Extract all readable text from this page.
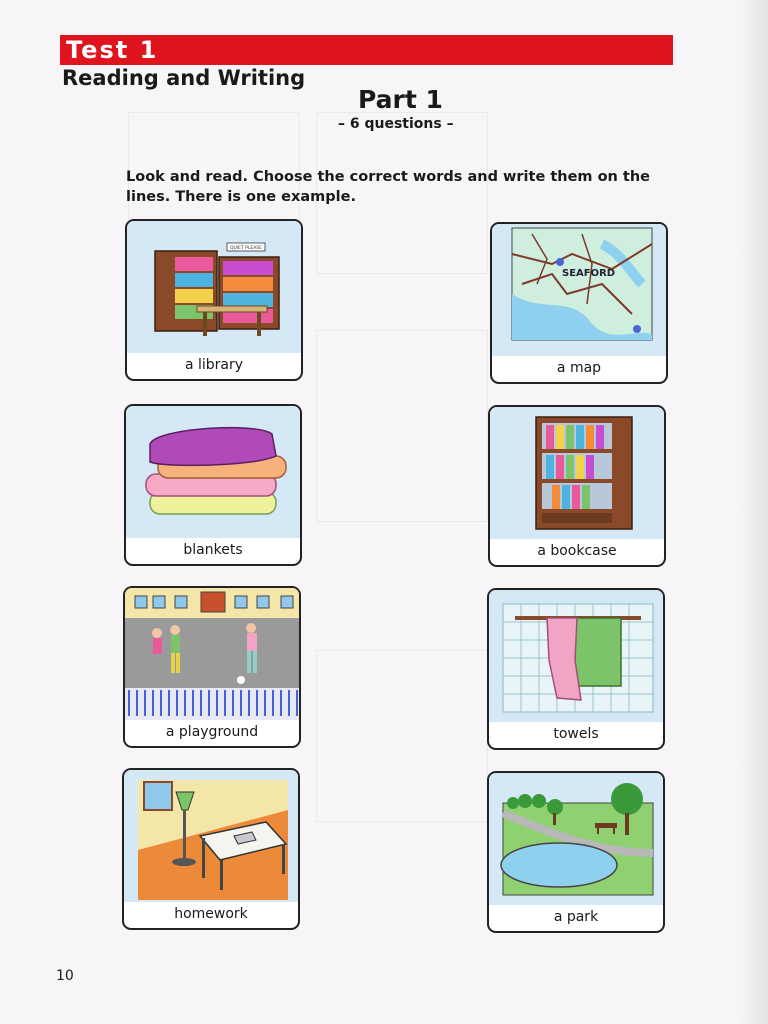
Test 1
Reading and Writing
Part 1
– 6 questions –
Look and read. Choose the correct words and write them on the lines. There is one example.
QUIET PLEASE
a library
SEAFORD
a map
blankets	a bookcase
a playground	towels
homework	a park
10
